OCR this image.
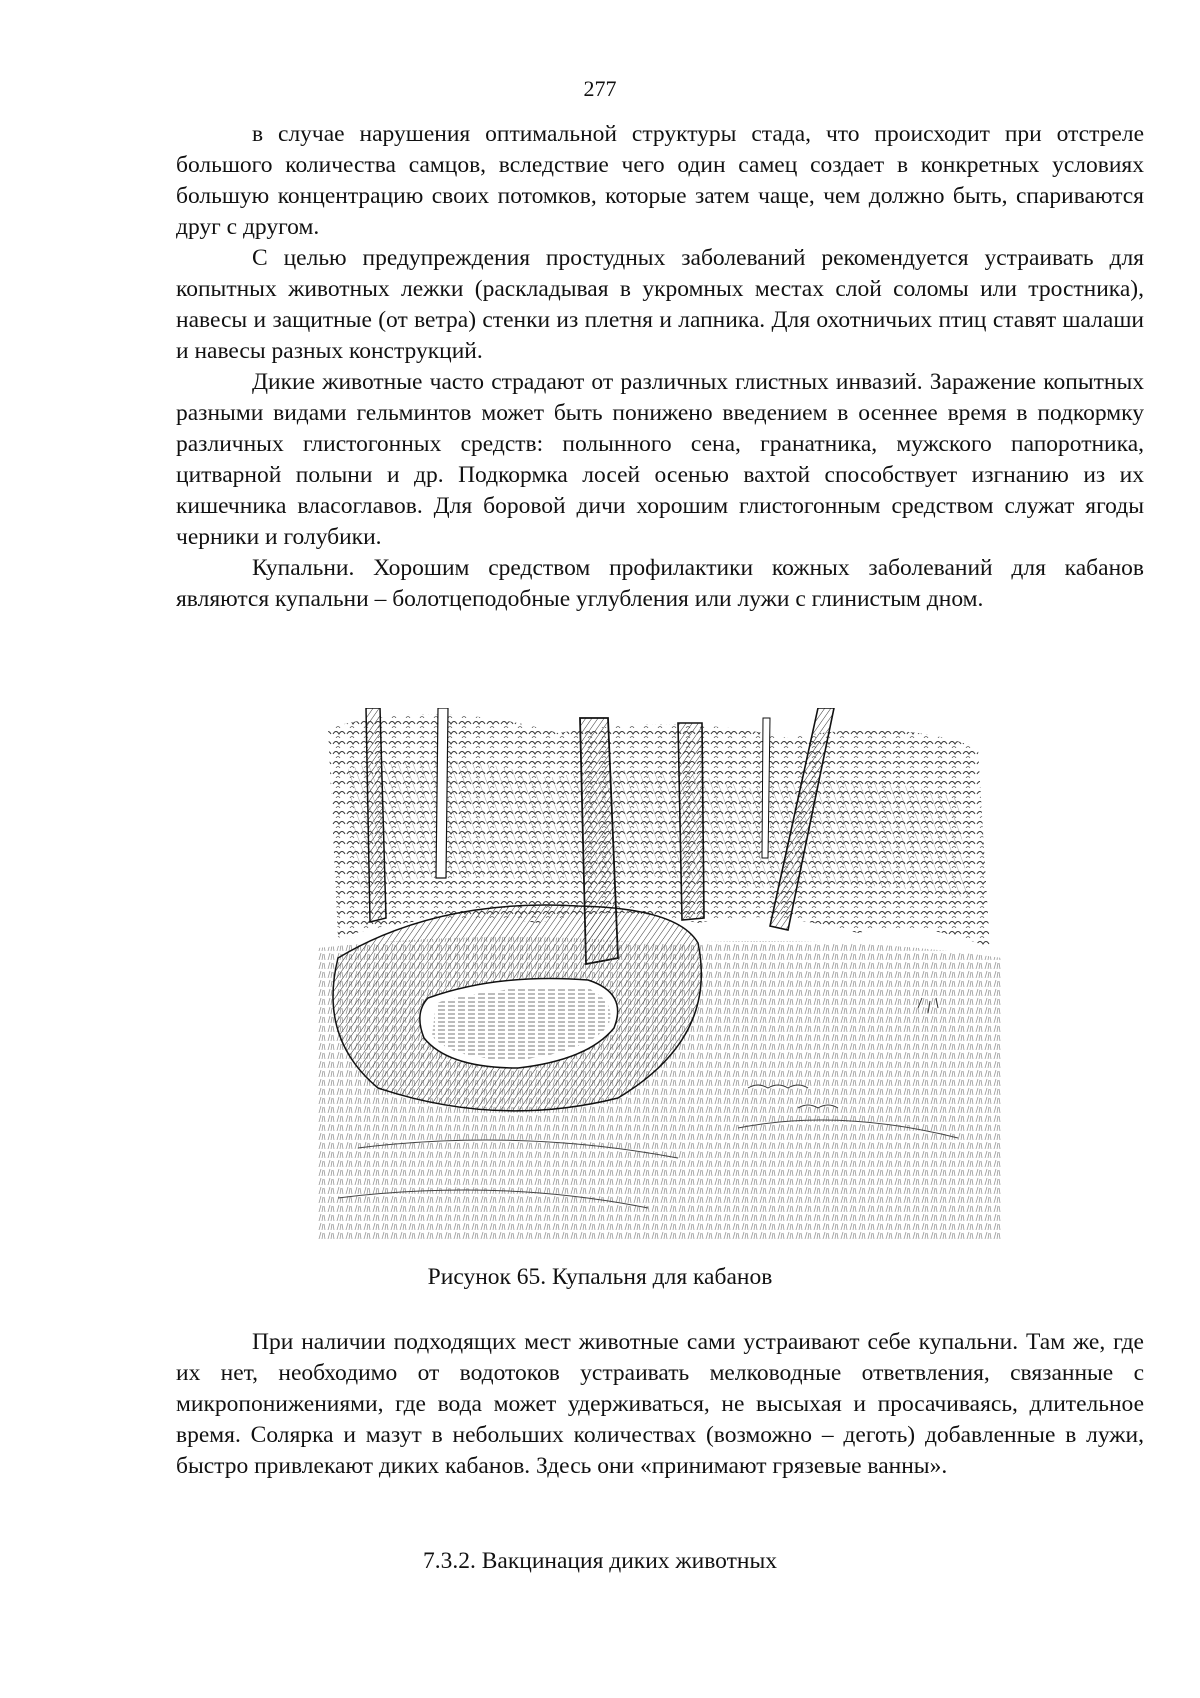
277

в случае нарушения оптимальной структуры стада, что происходит при отстреле большого количества самцов, вследствие чего один самец создает в конкретных условиях большую концентрацию своих потомков, которые затем чаще, чем должно быть, спариваются друг с другом.

С целью предупреждения простудных заболеваний рекомендуется устраивать для копытных животных лежки (раскладывая в укромных местах слой соломы или тростника), навесы и защитные (от ветра) стенки из плетня и лапника. Для охотничьих птиц ставят шалаши и навесы разных конструкций.

Дикие животные часто страдают от различных глистных инвазий. Заражение копытных разными видами гельминтов может быть понижено введением в осеннее время в подкормку различных глистогонных средств: полынного сена, гранатника, мужского папоротника, цитварной полыни и др. Подкормка лосей осенью вахтой способствует изгнанию из их кишечника власоглавов. Для боровой дичи хорошим глистогонным средством служат ягоды черники и голубики.

Купальни. Хорошим средством профилактики кожных заболеваний для кабанов являются купальни – болотцеподобные углубления или лужи с глинистым дном.

Рисунок 65. Купальня для кабанов

При наличии подходящих мест животные сами устраивают себе купальни. Там же, где их нет, необходимо от водотоков устраивать мелководные ответвления, связанные с микропонижениями, где вода может удерживаться, не высыхая и просачиваясь, длительное время. Солярка и мазут в небольших количествах (возможно – деготь) добавленные в лужи, быстро привлекают диких кабанов. Здесь они «принимают грязевые ванны».

7.3.2. Вакцинация диких животных
